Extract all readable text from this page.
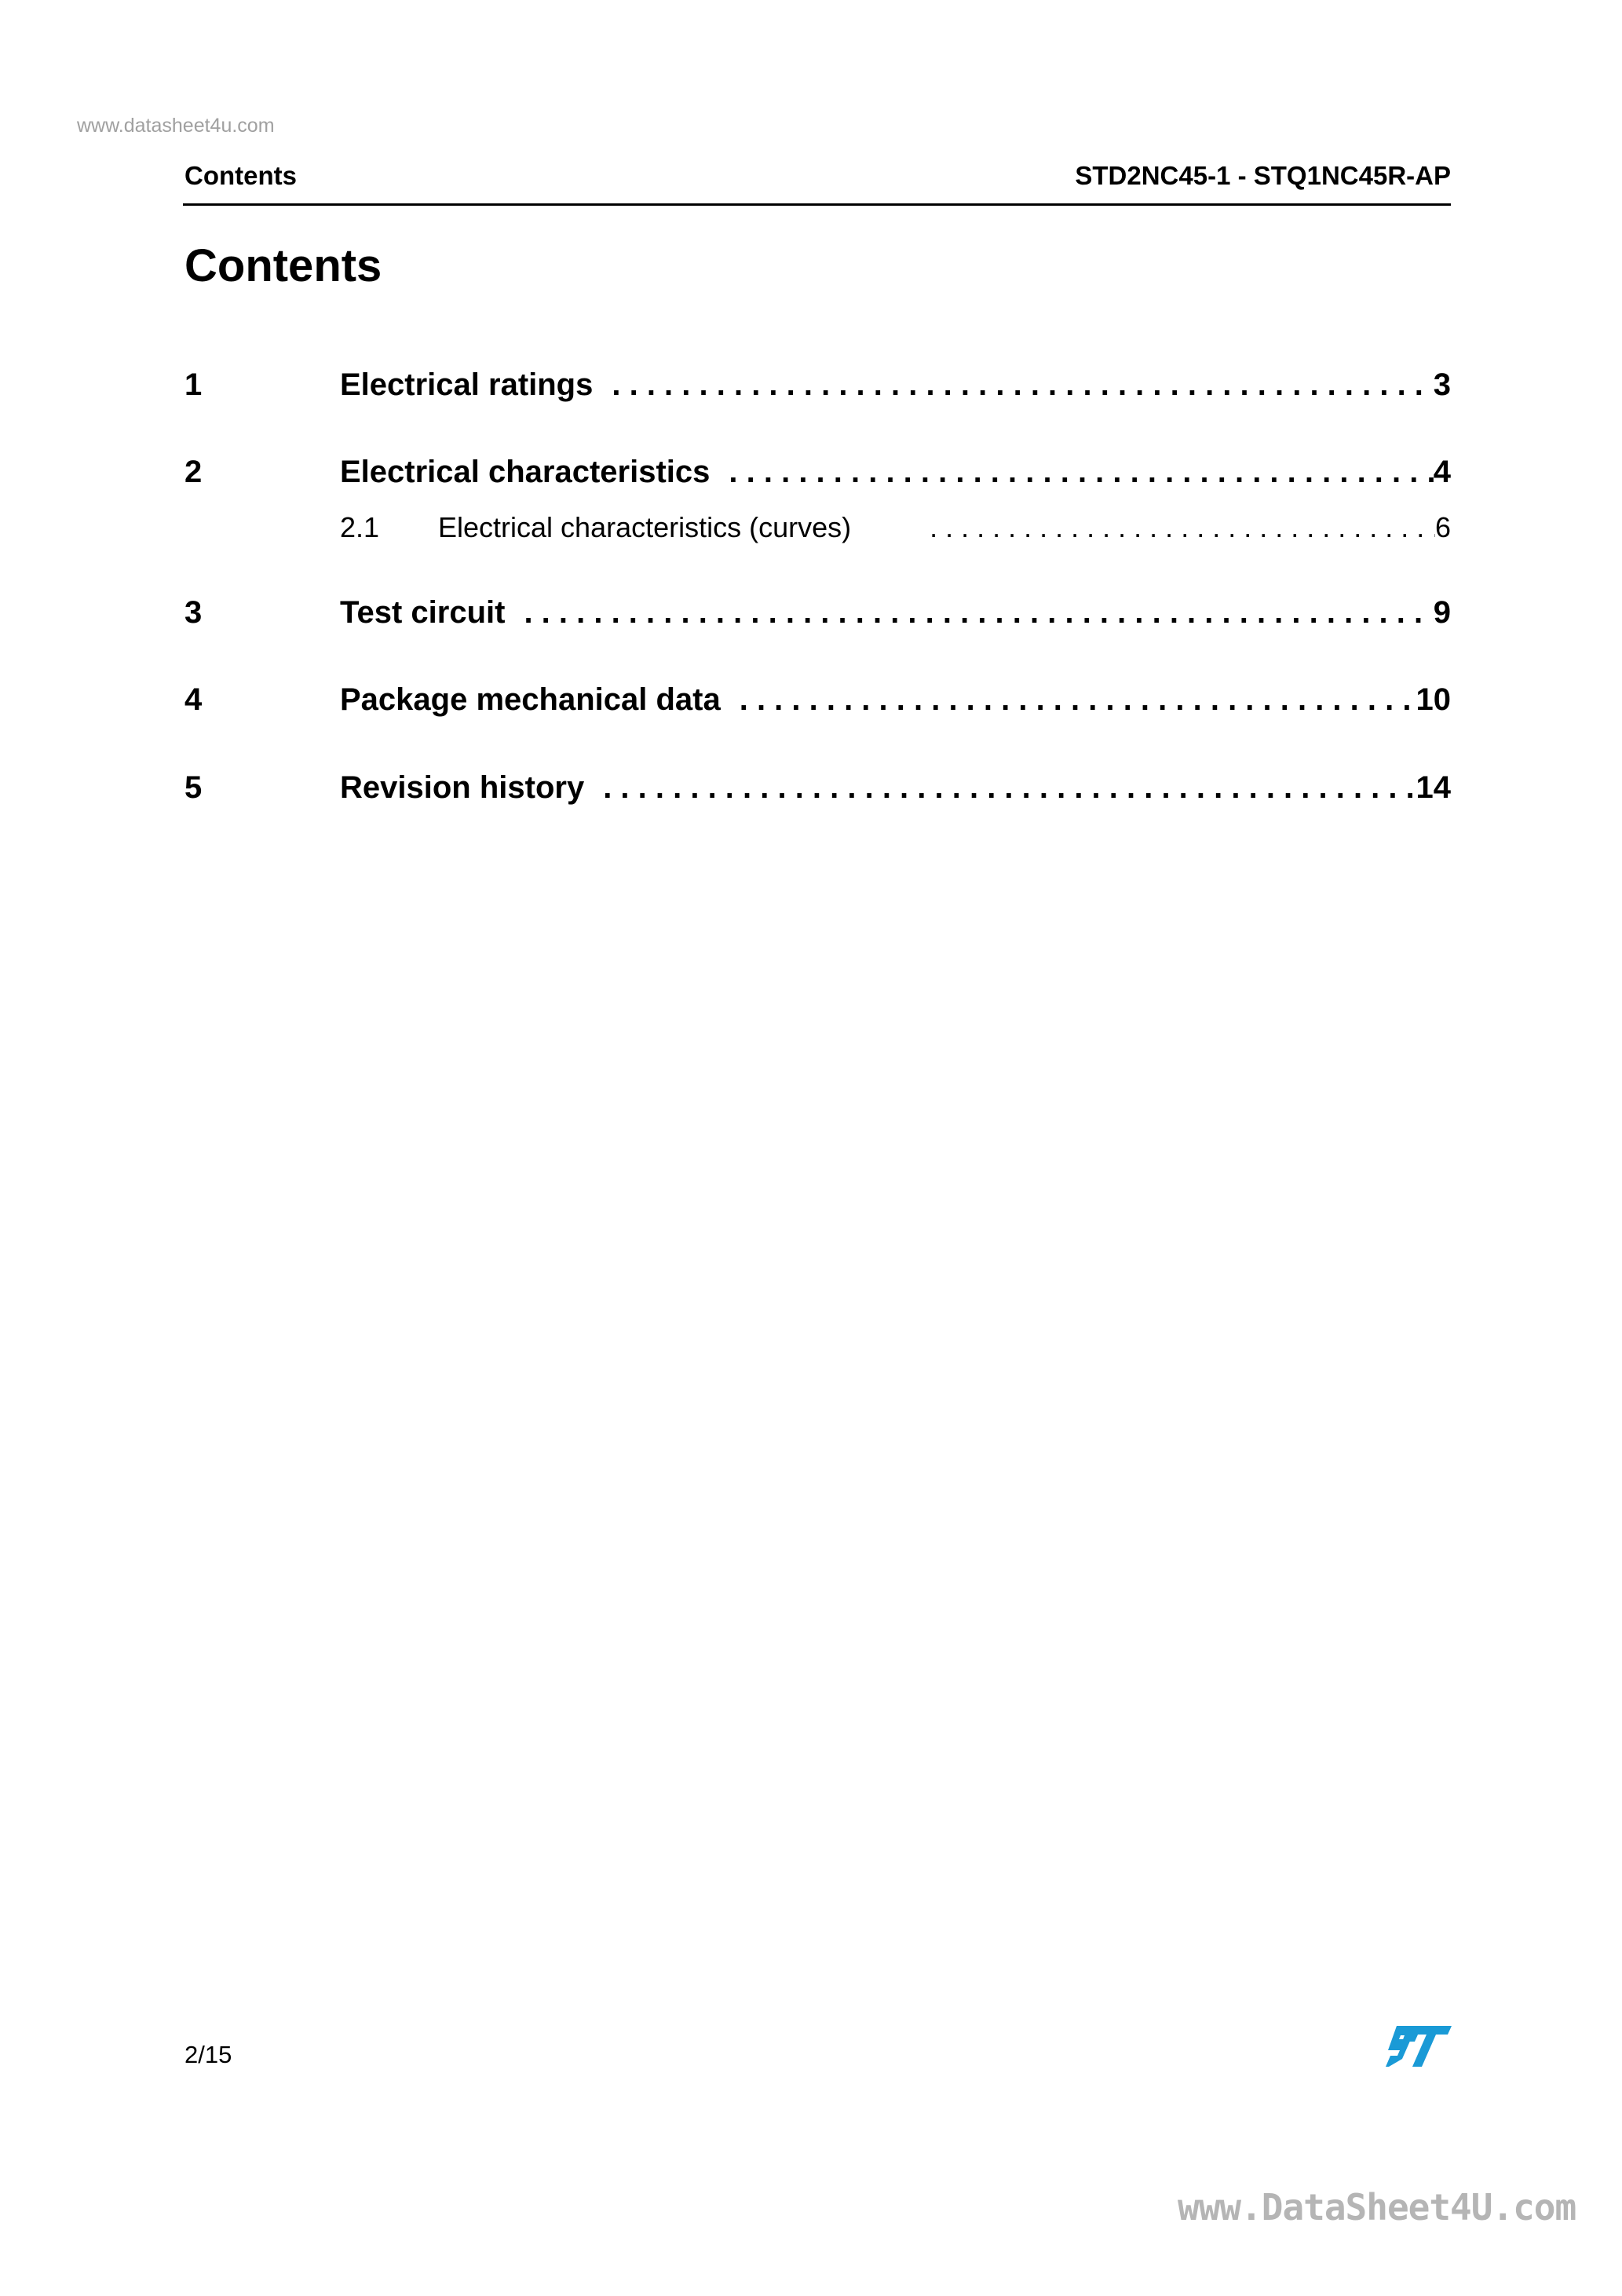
www.datasheet4u.com
Contents	STD2NC45-1 - STQ1NC45R-AP
Contents
1	Electrical ratings . . .	3
2	Electrical characteristics . . .	4
2.1	Electrical characteristics (curves) . . .	6
3	Test circuit . . .	9
4	Package mechanical data . . .	10
5	Revision history . . .	14
2/15
www.DataSheet4U.com
